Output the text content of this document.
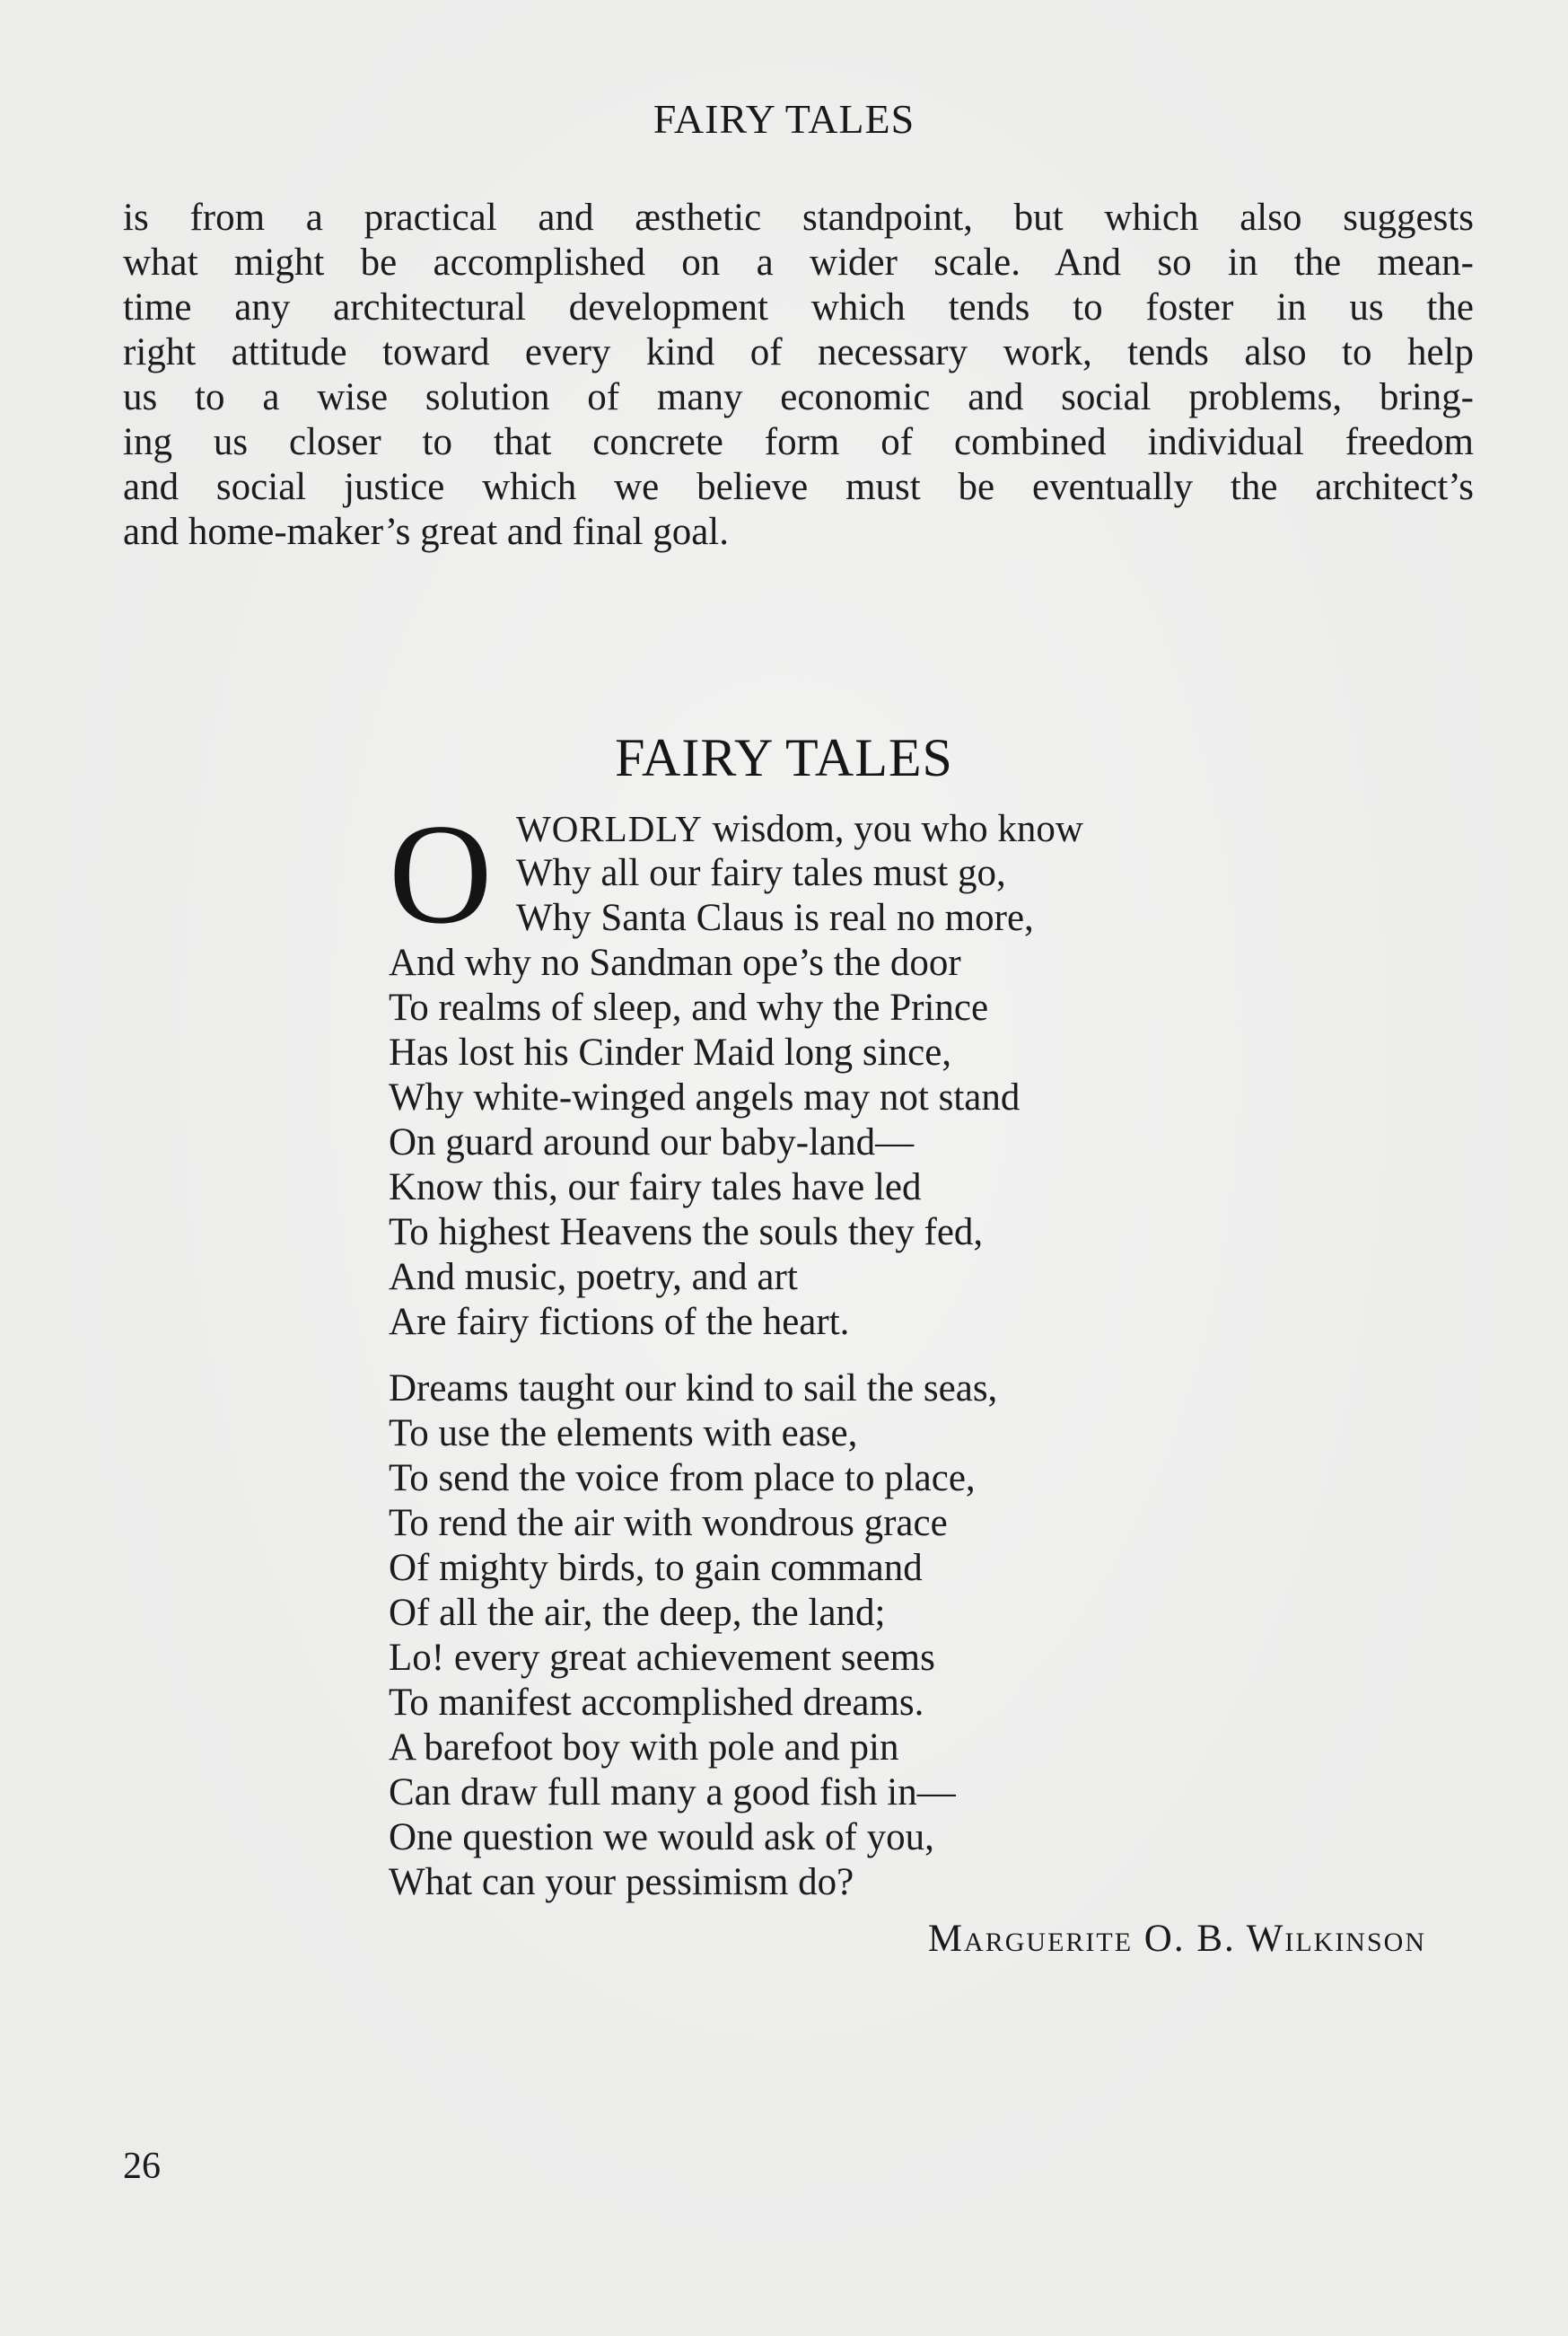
FAIRY TALES
is from a practical and æsthetic standpoint, but which also suggests
what might be accomplished on a wider scale. And so in the mean-
time any architectural development which tends to foster in us the
right attitude toward every kind of necessary work, tends also to help
us to a wise solution of many economic and social problems, bring-
ing us closer to that concrete form of combined individual freedom
and social justice which we believe must be eventually the architect’s
and home-maker’s great and final goal.
FAIRY TALES
O WORLDLY wisdom, you who know
Why all our fairy tales must go,
Why Santa Claus is real no more,
And why no Sandman ope’s the door
To realms of sleep, and why the Prince
Has lost his Cinder Maid long since,
Why white-winged angels may not stand
On guard around our baby-land—
Know this, our fairy tales have led
To highest Heavens the souls they fed,
And music, poetry, and art
Are fairy fictions of the heart.
Dreams taught our kind to sail the seas,
To use the elements with ease,
To send the voice from place to place,
To rend the air with wondrous grace
Of mighty birds, to gain command
Of all the air, the deep, the land;
Lo! every great achievement seems
To manifest accomplished dreams.
A barefoot boy with pole and pin
Can draw full many a good fish in—
One question we would ask of you,
What can your pessimism do?
Marguerite O. B. Wilkinson
26
